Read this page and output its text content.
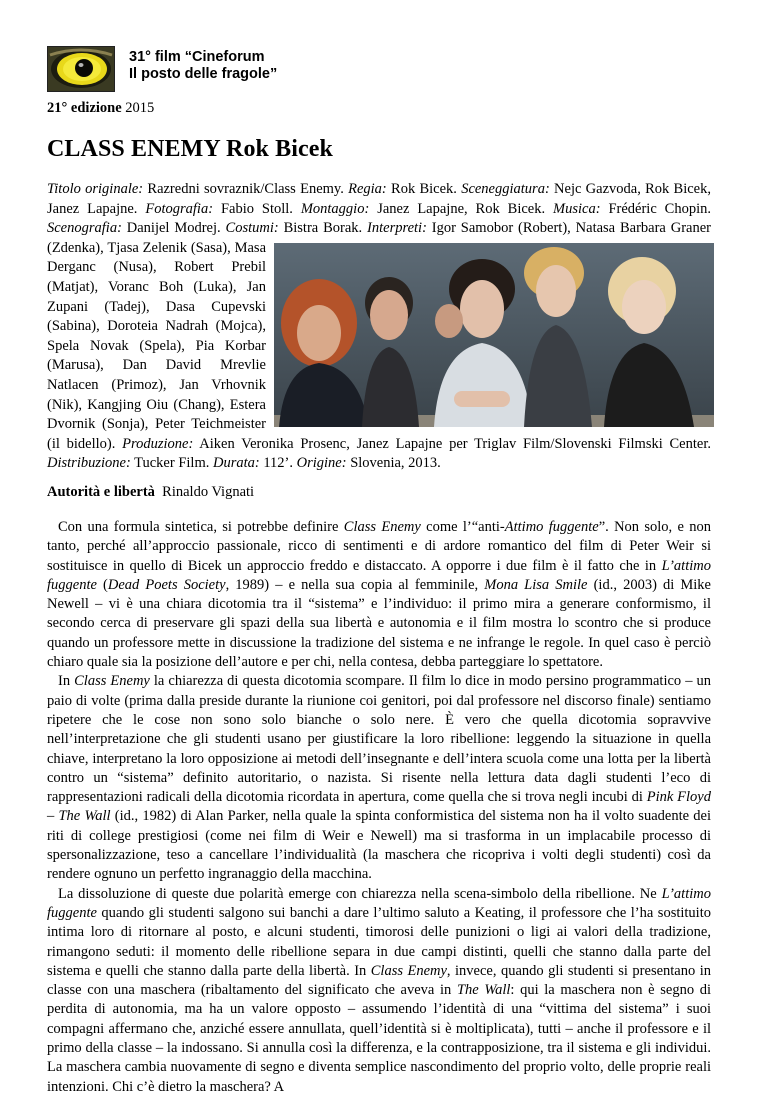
31° film “Cineforum
Il posto delle fragole”
21° edizione 2015
CLASS ENEMY Rok Bicek
Titolo originale: Razredni sovraznik/Class Enemy. Regia: Rok Bicek. Sceneggiatura: Nejc Gazvoda, Rok Bicek, Janez Lapajne. Fotografia: Fabio Stoll. Montaggio: Janez Lapajne, Rok Bicek. Musica: Frédéric Chopin. Scenografia: Danijel Modrej. Costumi: Bistra Borak. Interpreti:
Igor Samobor (Robert), Natasa Barbara Graner (Zdenka), Tjasa Zelenik (Sasa), Masa Derganc (Nusa), Robert Prebil (Matjat), Voranc Boh (Luka), Jan Zupani (Tadej), Dasa Cupevski (Sabina), Doroteia Nadrah (Mojca), Spela Novak (Spela), Pia Korbar (Marusa), Dan David Mrevlie Natlacen (Primoz), Jan Vrhovnik (Nik), Kangjing Oiu (Chang), Estera Dvornik (Sonja), Peter Teichmeister (il bidello). Produzione: Aiken Veronika Prosenc, Janez Lapajne per Triglav Film/Slovenski Filmski Center. Distribuzione: Tucker Film. Durata: 112’. Origine: Slovenia, 2013.
Autorità e libertà  Rinaldo Vignati

Con una formula sintetica, si potrebbe definire Class Enemy come l’“anti-Attimo fuggente”. Non solo, e non tanto, perché all’approccio passionale, ricco di sentimenti e di ardore romantico del film di Peter Weir si sostituisce in quello di Bicek un approccio freddo e distaccato. A opporre i due film è il fatto che in L’attimo fuggente (Dead Poets Society, 1989) – e nella sua copia al femminile, Mona Lisa Smile (id., 2003) di Mike Newell – vi è una chiara dicotomia tra il “sistema” e l’individuo: il primo mira a generare conformismo, il secondo cerca di preservare gli spazi della sua libertà e autonomia e il film mostra lo scontro che si produce quando un professore mette in discussione la tradizione del sistema e ne infrange le regole. In quel caso è perciò chiaro quale sia la posizione dell’autore e per chi, nella contesa, debba parteggiare lo spettatore.

In Class Enemy la chiarezza di questa dicotomia scompare. Il film lo dice in modo persino programmatico – un paio di volte (prima dalla preside durante la riunione coi genitori, poi dal professore nel discorso finale) sentiamo ripetere che le cose non sono solo bianche o solo nere. È vero che quella dicotomia sopravvive nell’interpretazione che gli studenti usano per giustificare la loro ribellione: leggendo la situazione in quella chiave, interpretano la loro opposizione ai metodi dell’insegnante e dell’intera scuola come una lotta per la libertà contro un “sistema” definito autoritario, o nazista. Si risente nella lettura data dagli studenti l’eco di rappresentazioni radicali della dicotomia ricordata in apertura, come quella che si trova negli incubi di Pink Floyd – The Wall (id., 1982) di Alan Parker, nella quale la spinta conformistica del sistema non ha il volto suadente dei riti di college prestigiosi (come nei film di Weir e Newell) ma si trasforma in un implacabile processo di spersonalizzazione, teso a cancellare l’individualità (la maschera che ricopriva i volti degli studenti) così da rendere ognuno un perfetto ingranaggio della macchina.

La dissoluzione di queste due polarità emerge con chiarezza nella scena-simbolo della ribellione. Ne L’attimo fuggente quando gli studenti salgono sui banchi a dare l’ultimo saluto a Keating, il professore che l’ha sostituito intima loro di ritornare al posto, e alcuni studenti, timorosi delle punizioni o ligi ai valori della tradizione, rimangono seduti: il momento delle ribellione separa in due campi distinti, quelli che stanno dalla parte del sistema e quelli che stanno dalla parte della libertà. In Class Enemy, invece, quando gli studenti si presentano in classe con una maschera (ribaltamento del significato che aveva in The Wall: qui la maschera non è segno di perdita di autonomia, ma ha un valore opposto – assumendo l’identità di una “vittima del sistema” i suoi compagni affermano che, anziché essere annullata, quell’identità si è moltiplicata), tutti – anche il professore e il primo della classe – la indossano. Si annulla così la differenza, e la contrapposizione, tra il sistema e gli individui. La maschera cambia nuovamente di segno e diventa semplice nascondimento del proprio volto, delle proprie reali intenzioni. Chi c’è dietro la maschera? A
